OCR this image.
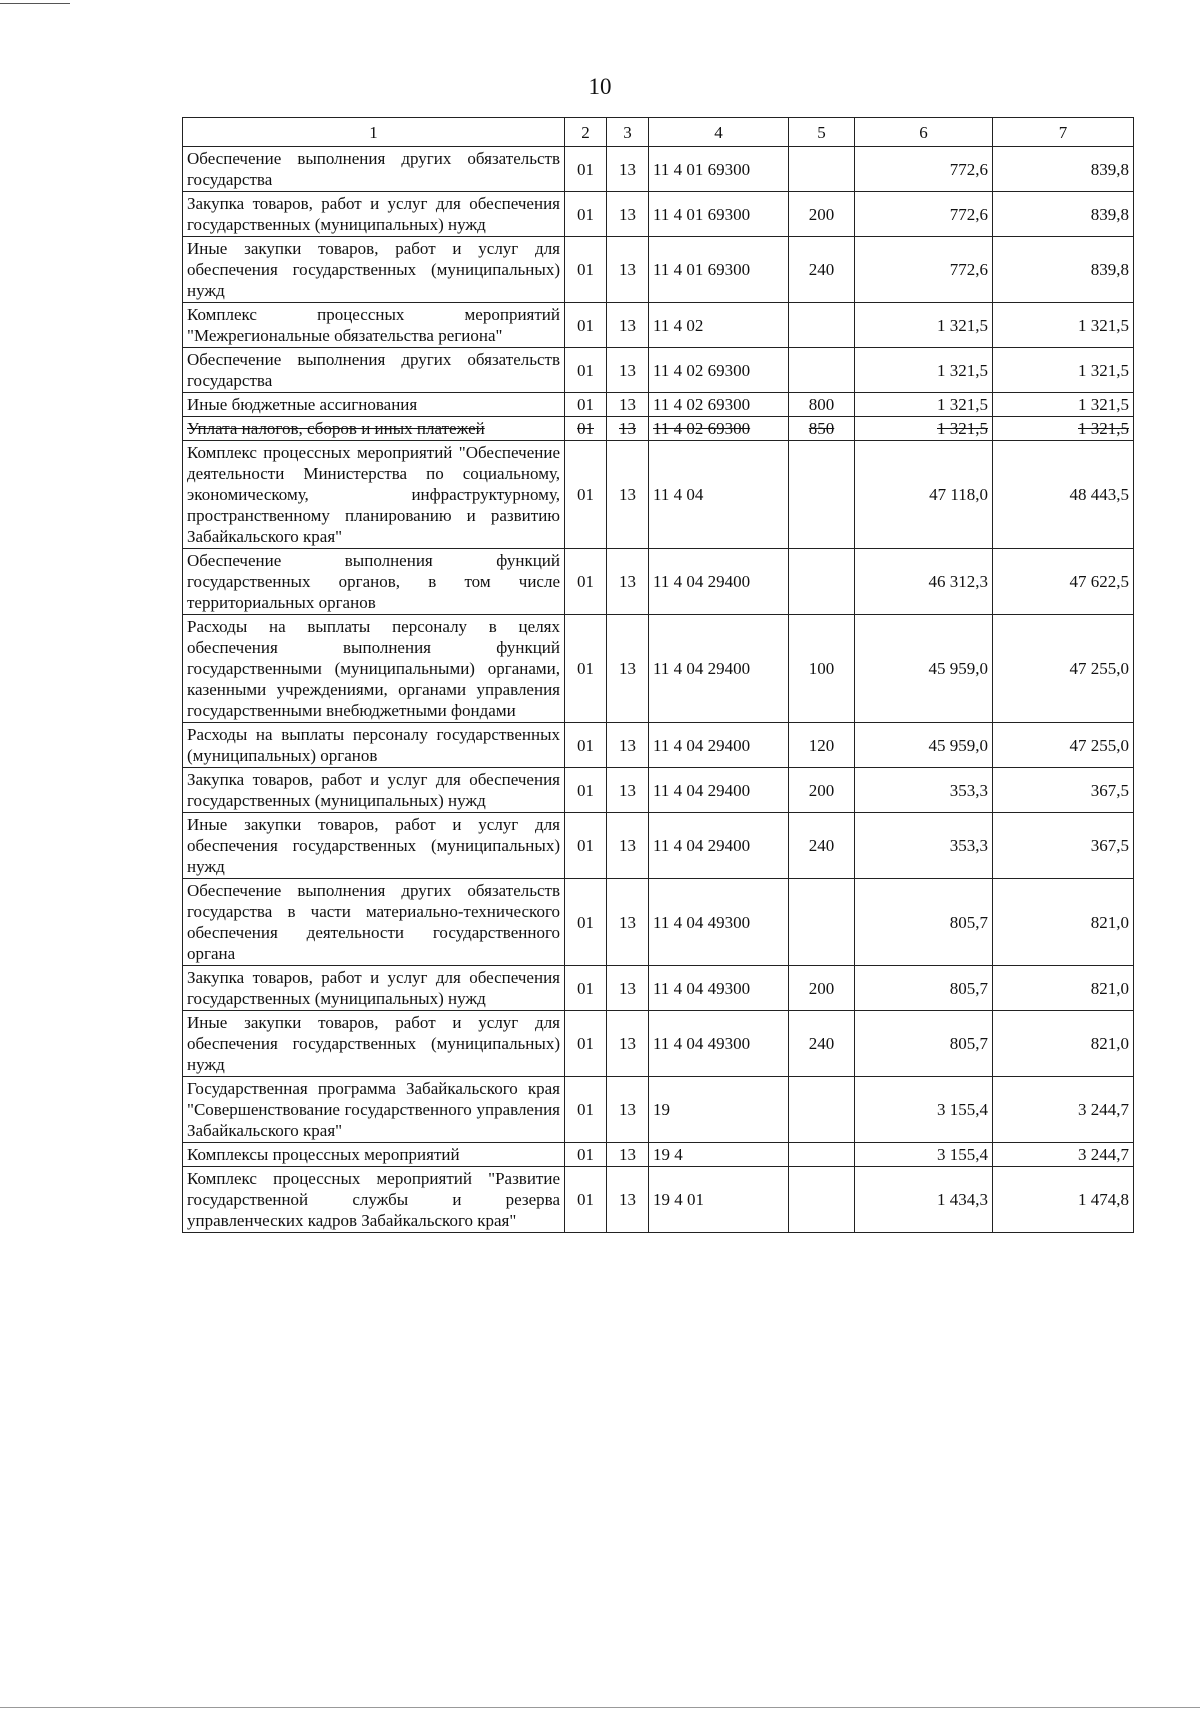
10
1	2	3	4	5	6	7
Обеспечение выполнения других обязательств государства	01	13	11 4 01 69300		772,6	839,8
Закупка товаров, работ и услуг для обеспечения государственных (муниципальных) нужд	01	13	11 4 01 69300	200	772,6	839,8
Иные закупки товаров, работ и услуг для обеспечения государственных (муниципальных) нужд	01	13	11 4 01 69300	240	772,6	839,8
Комплекс процессных мероприятий "Межрегиональные обязательства региона"	01	13	11 4 02		1 321,5	1 321,5
Обеспечение выполнения других обязательств государства	01	13	11 4 02 69300		1 321,5	1 321,5
Иные бюджетные ассигнования	01	13	11 4 02 69300	800	1 321,5	1 321,5
Уплата налогов, сборов и иных платежей	01	13	11 4 02 69300	850	1 321,5	1 321,5
Комплекс процессных мероприятий "Обеспечение деятельности Министерства по социальному, экономическому, инфраструктурному, пространственному планированию и развитию Забайкальского края"	01	13	11 4 04		47 118,0	48 443,5
Обеспечение выполнения функций государственных органов, в том числе территориальных органов	01	13	11 4 04 29400		46 312,3	47 622,5
Расходы на выплаты персоналу в целях обеспечения выполнения функций государственными (муниципальными) органами, казенными учреждениями, органами управления государственными внебюджетными фондами	01	13	11 4 04 29400	100	45 959,0	47 255,0
Расходы на выплаты персоналу государственных (муниципальных) органов	01	13	11 4 04 29400	120	45 959,0	47 255,0
Закупка товаров, работ и услуг для обеспечения государственных (муниципальных) нужд	01	13	11 4 04 29400	200	353,3	367,5
Иные закупки товаров, работ и услуг для обеспечения государственных (муниципальных) нужд	01	13	11 4 04 29400	240	353,3	367,5
Обеспечение выполнения других обязательств государства в части материально-технического обеспечения деятельности государственного органа	01	13	11 4 04 49300		805,7	821,0
Закупка товаров, работ и услуг для обеспечения государственных (муниципальных) нужд	01	13	11 4 04 49300	200	805,7	821,0
Иные закупки товаров, работ и услуг для обеспечения государственных (муниципальных) нужд	01	13	11 4 04 49300	240	805,7	821,0
Государственная программа Забайкальского края "Совершенствование государственного управления Забайкальского края"	01	13	19		3 155,4	3 244,7
Комплексы процессных мероприятий	01	13	19 4		3 155,4	3 244,7
Комплекс процессных мероприятий "Развитие государственной службы и резерва управленческих кадров Забайкальского края"	01	13	19 4 01		1 434,3	1 474,8
